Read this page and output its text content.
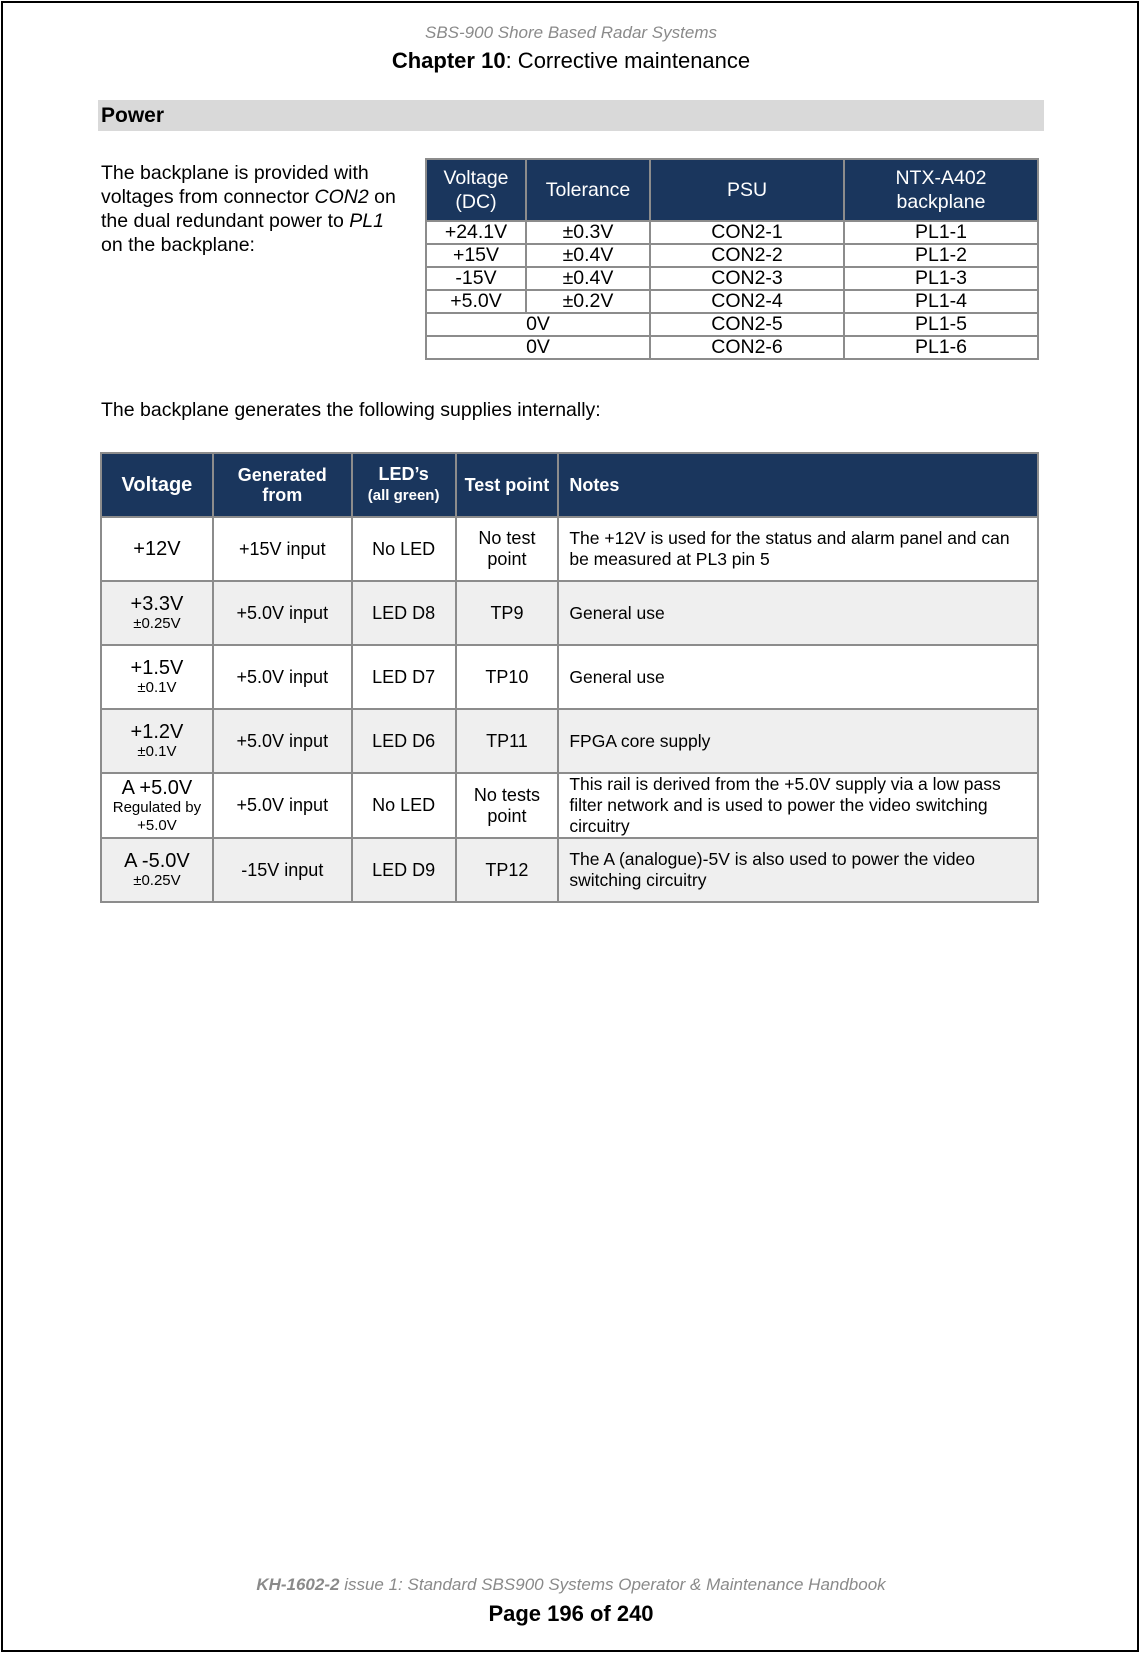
SBS-900 Shore Based Radar Systems
Chapter 10: Corrective maintenance
Power
The backplane is provided with voltages from connector CON2 on the dual redundant power to PL1 on the backplane:
Voltage (DC)	Tolerance	PSU	NTX-A402 backplane
+24.1V	±0.3V	CON2-1	PL1-1
+15V	±0.4V	CON2-2	PL1-2
-15V	±0.4V	CON2-3	PL1-3
+5.0V	±0.2V	CON2-4	PL1-4
0V		CON2-5	PL1-5
0V		CON2-6	PL1-6
The backplane generates the following supplies internally:
Voltage	Generated from	LED’s
(all green)	Test point	Notes

+12V	+15V input	No LED	No test point	The +12V is used for the status and alarm panel and can be measured at PL3 pin 5

+3.3V
±0.25V	+5.0V input	LED D8	TP9	General use

+1.5V
±0.1V	+5.0V input	LED D7	TP10	General use

+1.2V
±0.1V	+5.0V input	LED D6	TP11	FPGA core supply

A +5.0V
Regulated by +5.0V	+5.0V input	No LED	No tests point	This rail is derived from the +5.0V supply via a low pass filter network and is used to power the video switching circuitry

A -5.0V
±0.25V	-15V input	LED D9	TP12	The A (analogue)-5V is also used to power the video switching circuitry
KH-1602-2 issue 1: Standard SBS900 Systems Operator & Maintenance Handbook
Page 196 of 240
